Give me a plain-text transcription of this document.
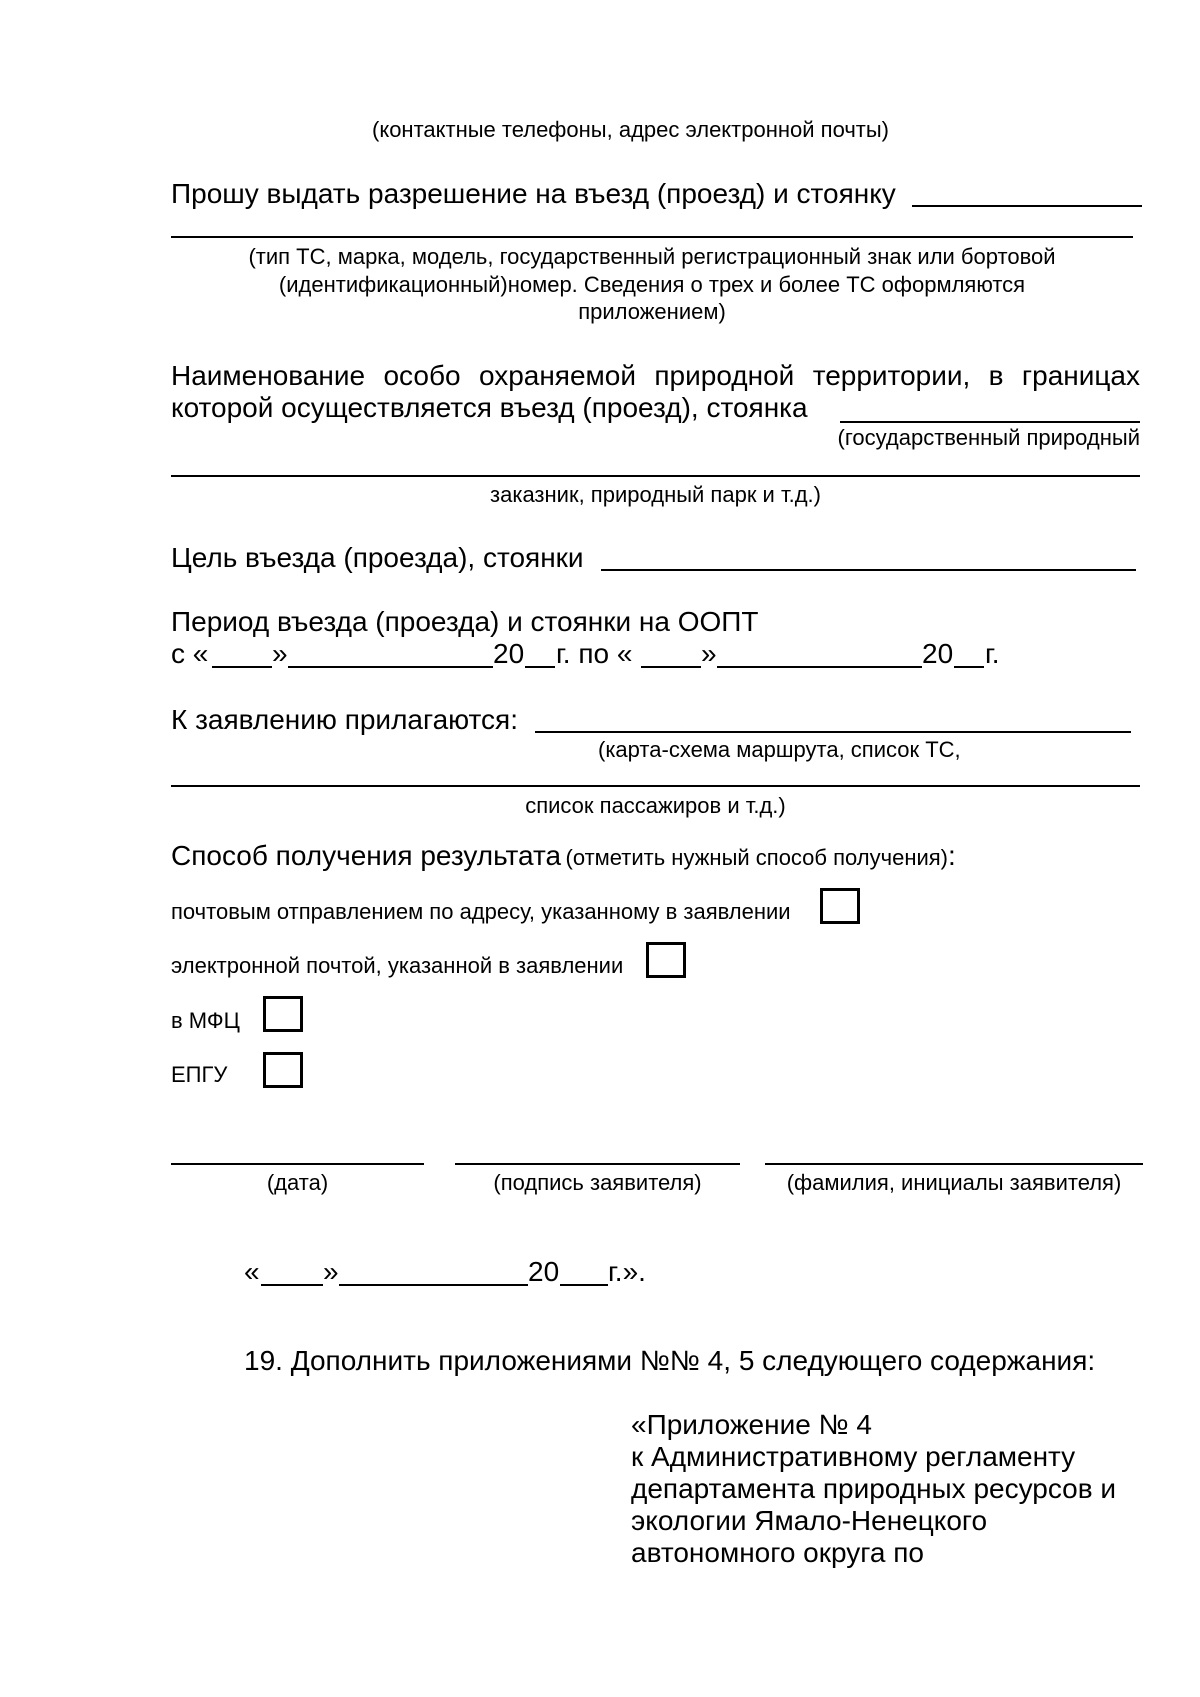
(контактные телефоны, адрес электронной почты)
Прошу выдать разрешение на въезд (проезд) и стоянку
(тип ТС, марка, модель, государственный регистрационный знак или бортовой
(идентификационный)номер. Сведения о трех и более ТС оформляются
приложением)
Наименование особо охраняемой природной территории, в границах
которой осуществляется въезд (проезд), стоянка
(государственный природный
заказник, природный парк и т.д.)
Цель въезда (проезда), стоянки
Период въезда (проезда) и стоянки на ООПТ
с « »	20 г. по « »	20 г.
К заявлению прилагаются:
(карта-схема маршрута, список ТС,
список пассажиров и т.д.)
Способ получения результата (отметить нужный способ получения):
почтовым отправлением по адресу, указанному в заявлении
электронной почтой, указанной в заявлении
в МФЦ
ЕПГУ
(дата)	(подпись заявителя)	(фамилия, инициалы заявителя)
« »	20 г.».
19. Дополнить приложениями №№ 4, 5 следующего содержания:
«Приложение № 4
к Административному регламенту
департамента природных ресурсов и
экологии Ямало-Ненецкого
автономного округа по
